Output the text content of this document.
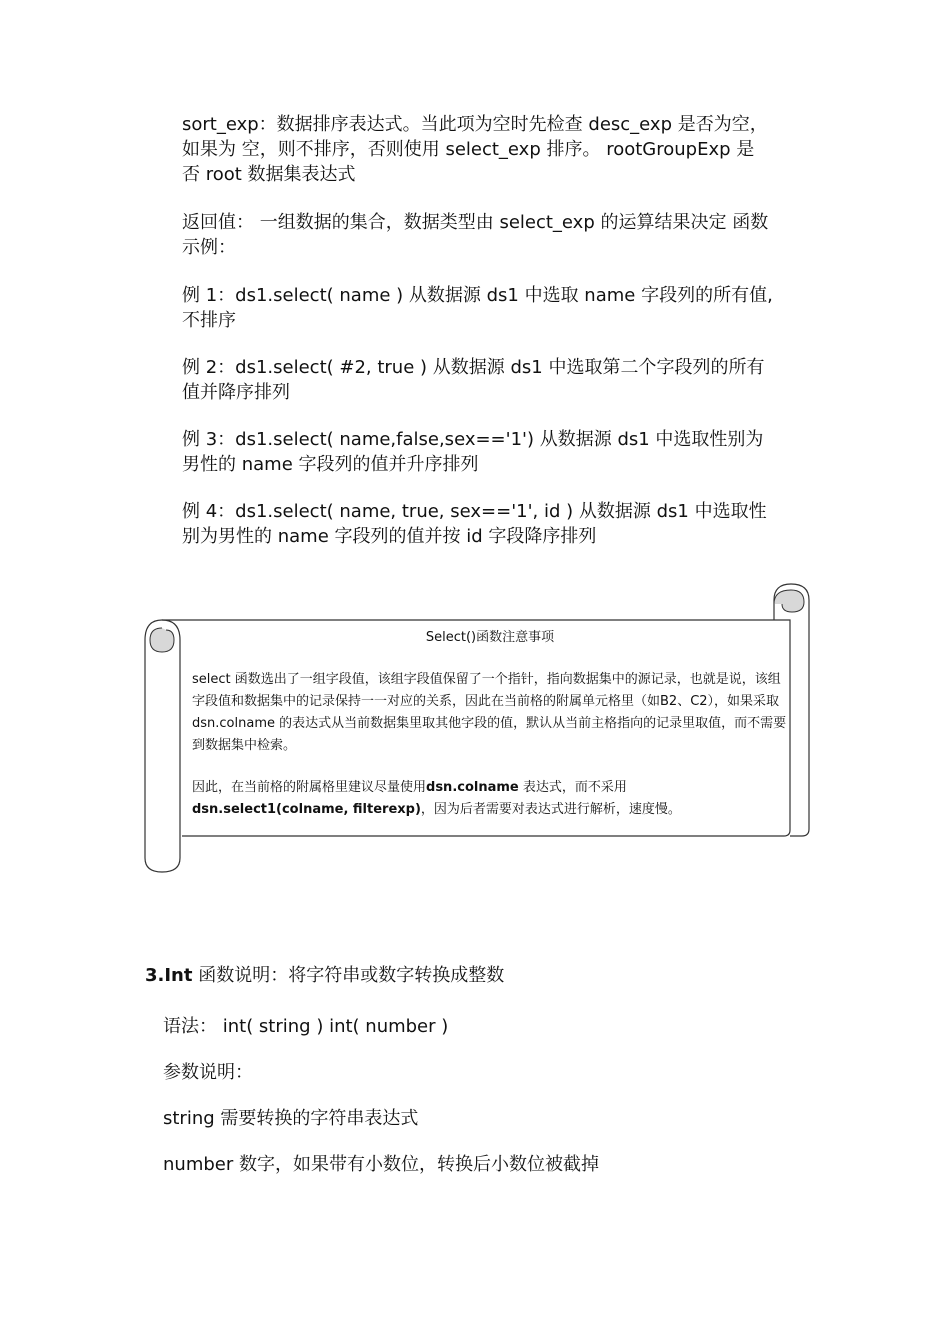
sort_exp：数据排序表达式。当此项为空时先检查 desc_exp 是否为空，
如果为 空，则不排序，否则使用 select_exp 排序。 rootGroupExp 是
否 root 数据集表达式
返回值： 一组数据的集合，数据类型由 select_exp 的运算结果决定 函数
示例：
例 1：ds1.select( name ) 从数据源 ds1 中选取 name 字段列的所有值,
不排序
例 2：ds1.select( #2, true ) 从数据源 ds1 中选取第二个字段列的所有
值并降序排列
例 3：ds1.select( name,false,sex=='1') 从数据源 ds1 中选取性别为
男性的 name 字段列的值并升序排列
例 4：ds1.select( name, true, sex=='1', id ) 从数据源 ds1 中选取性
别为男性的 name 字段列的值并按 id 字段降序排列
Select()函数注意事项
select 函数选出了一组字段值，该组字段值保留了一个指针，指向数据集中的源记录，也就是说，该组字段值和数据集中的记录保持一一对应的关系，因此在当前格的附属单元格里（如B2、C2），如果采取dsn.colname 的表达式从当前数据集里取其他字段的值，默认从当前主格指向的记录里取值，而不需要到数据集中检索。
因此，在当前格的附属格里建议尽量使用dsn.colname 表达式，而不采用
dsn.select1(colname, filterexp)，因为后者需要对表达式进行解析，速度慢。
3.Int 函数说明：将字符串或数字转换成整数
语法： int( string ) int( number )
参数说明：
string 需要转换的字符串表达式
number 数字，如果带有小数位，转换后小数位被截掉
